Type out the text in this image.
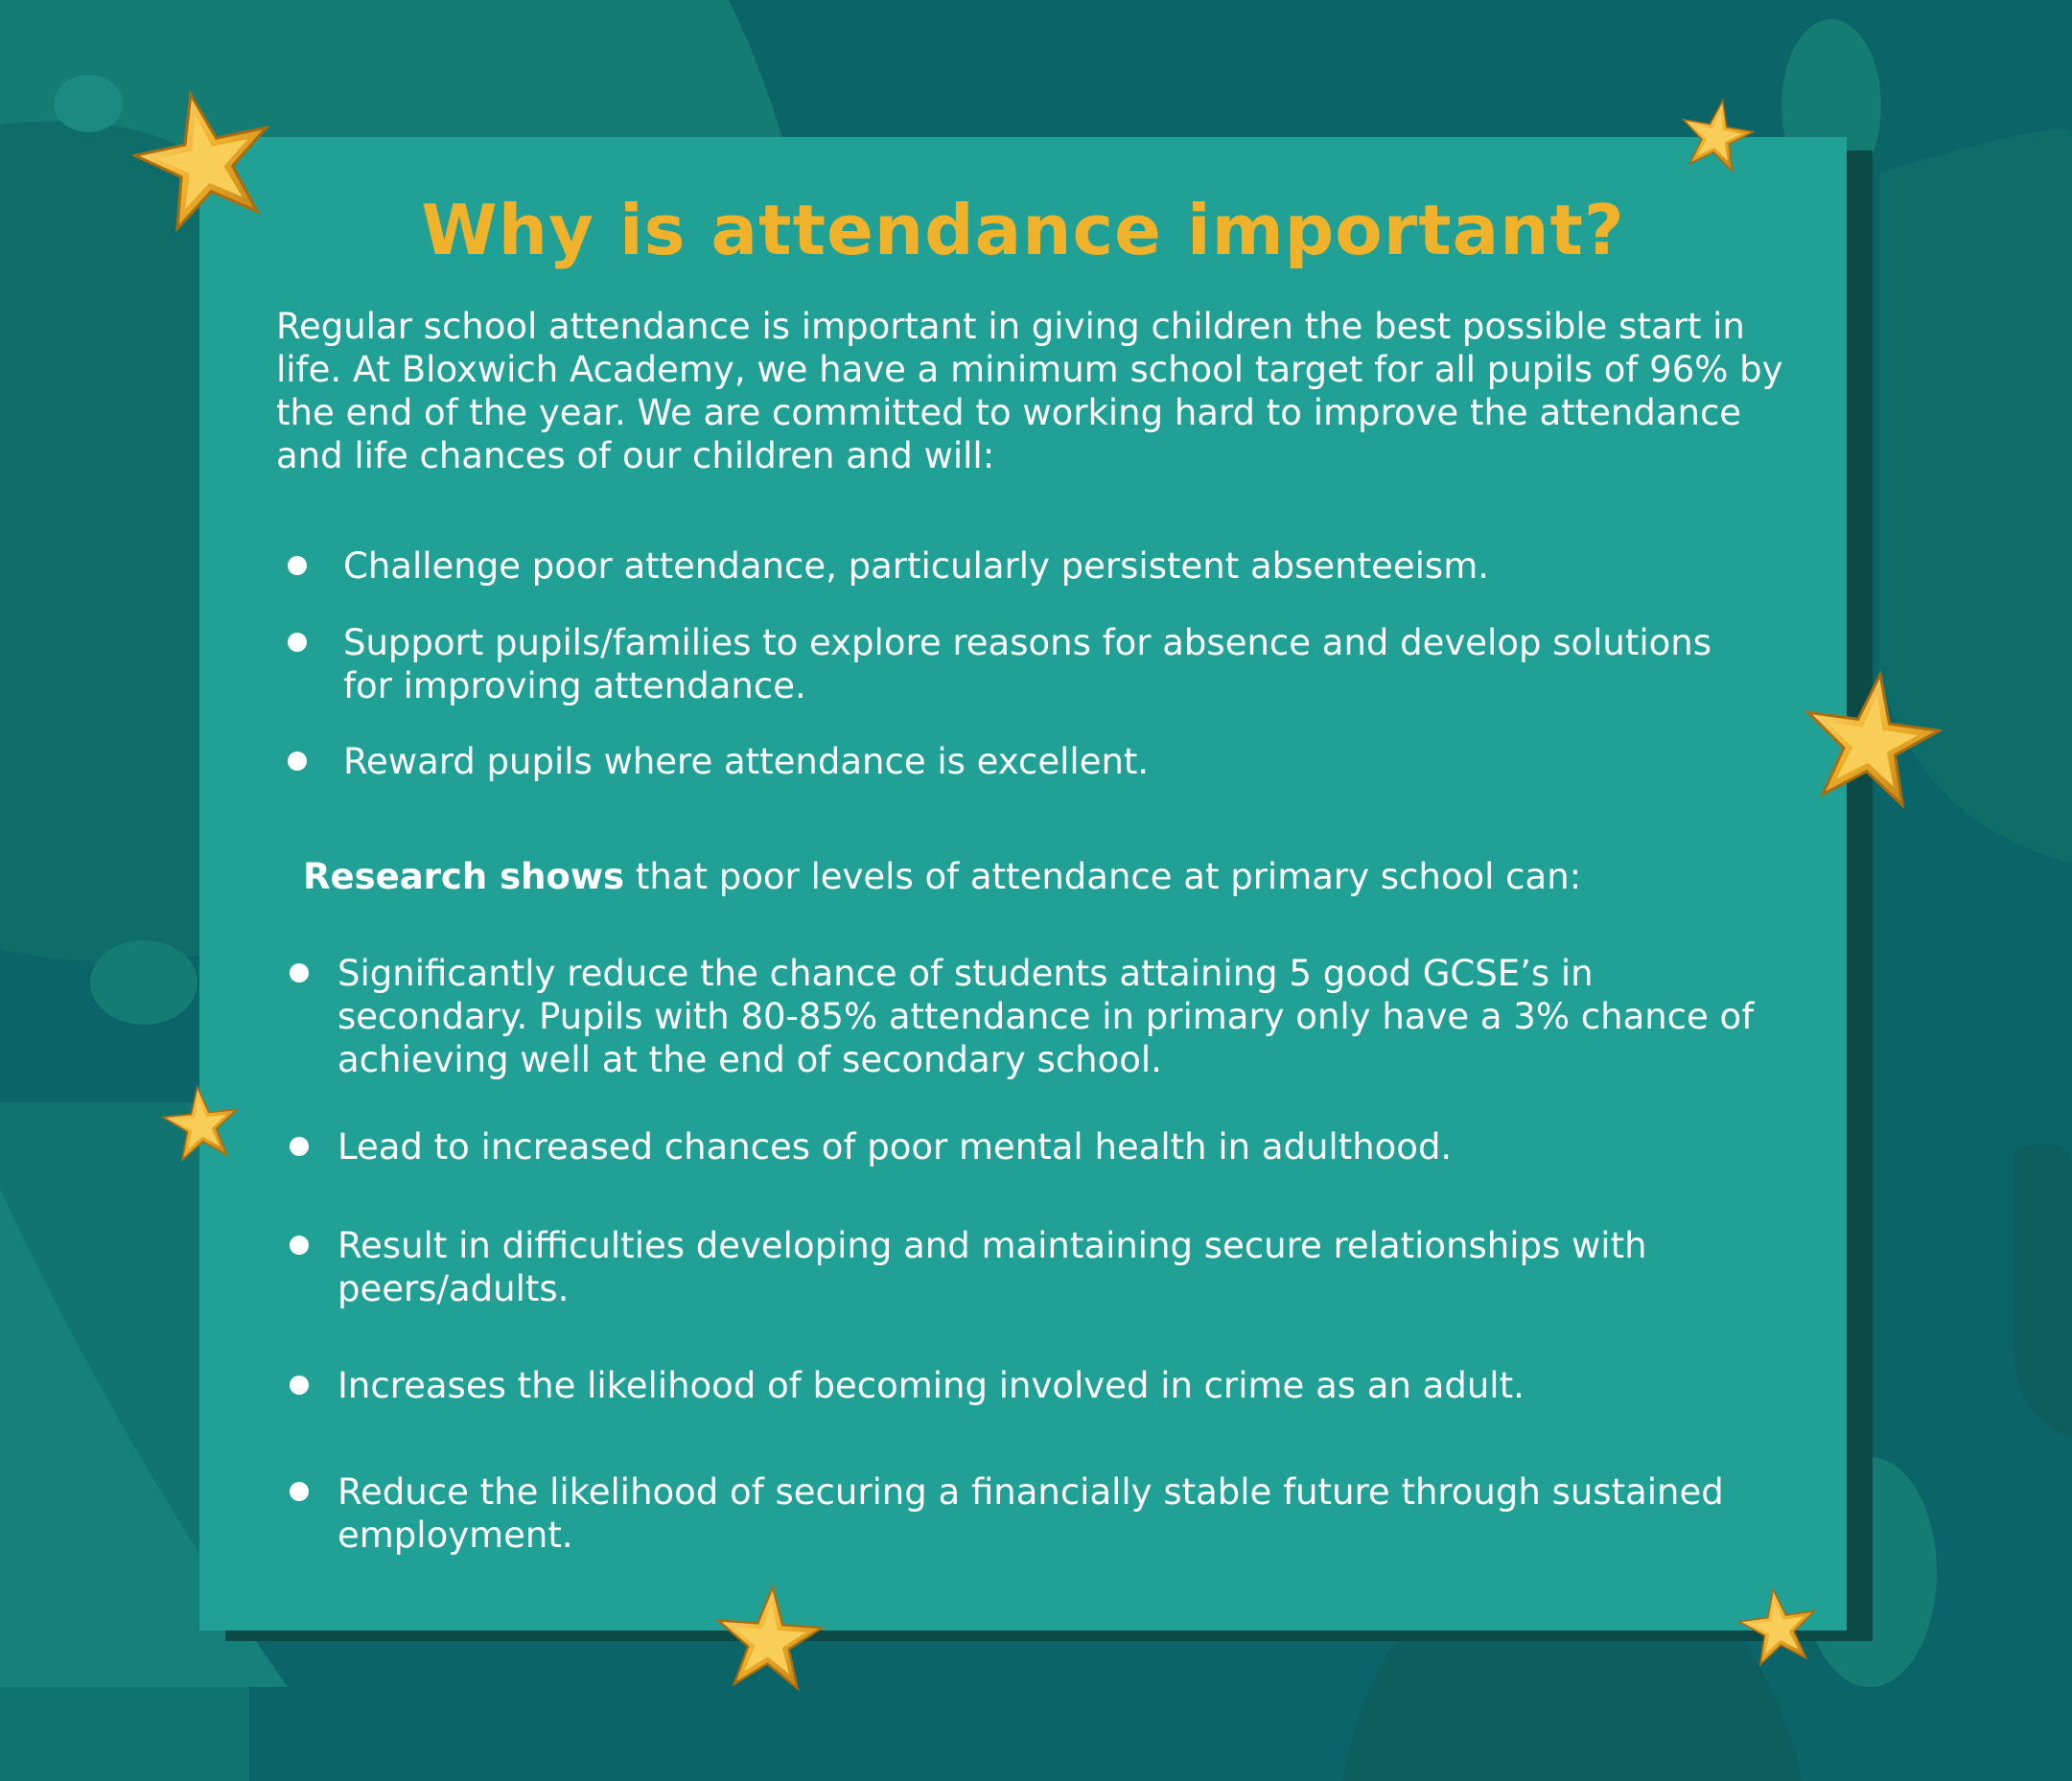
Why is attendance important?

Regular school attendance is important in giving children the best possible start in life. At Bloxwich Academy, we have a minimum school target for all pupils of 96% by the end of the year. We are committed to working hard to improve the attendance and life chances of our children and will:

Challenge poor attendance, particularly persistent absenteeism.
Support pupils/families to explore reasons for absence and develop solutions for improving attendance.
Reward pupils where attendance is excellent.
Research shows that poor levels of attendance at primary school can:
Significantly reduce the chance of students attaining 5 good GCSE’s in secondary. Pupils with 80-85% attendance in primary only have a 3% chance of achieving well at the end of secondary school.
Lead to increased chances of poor mental health in adulthood.
Result in difficulties developing and maintaining secure relationships with peers/adults.
Increases the likelihood of becoming involved in crime as an adult.
Reduce the likelihood of securing a financially stable future through sustained employment.
